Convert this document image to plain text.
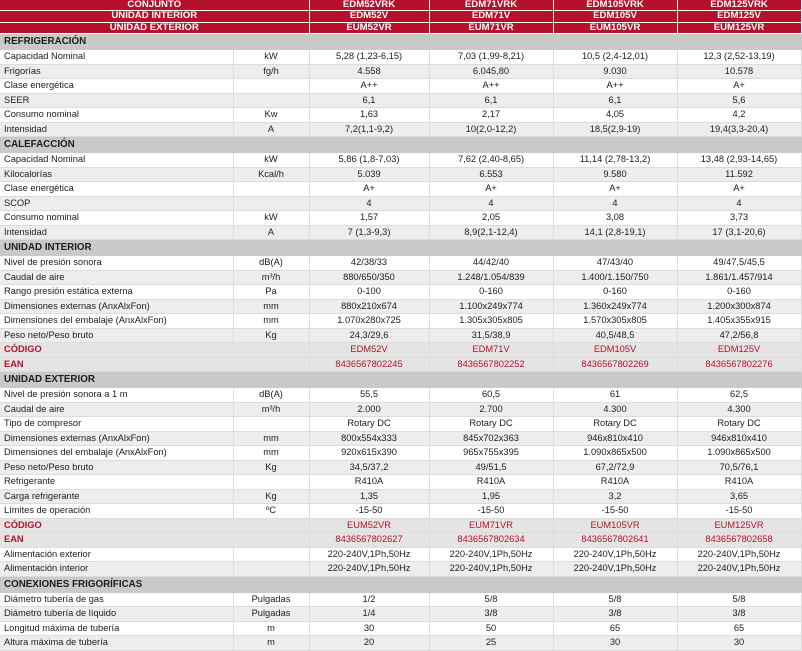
CONJUNTO		EDM52VRK	EDM71VRK	EDM105VRK	EDM125VRK
UNIDAD INTERIOR		EDM52V	EDM71V	EDM105V	EDM125V
UNIDAD EXTERIOR		EUM52VR	EUM71VR	EUM105VR	EUM125VR
REFRIGERACIÓN					
Capacidad Nominal	kW	5,28 (1,23-6,15)	7,03 (1,99-8,21)	10,5 (2,4-12,01)	12,3 (2,52-13,19)
Frigorías	fg/h	4.558	6.045,80	9.030	10.578
Clase energética		A++	A++	A++	A+
SEER		6,1	6,1	6,1	5,6
Consumo nominal	Kw	1,63	2,17	4,05	4,2
Intensidad	A	7,2(1,1-9,2)	10(2,0-12,2)	18,5(2,9-19)	19,4(3,3-20,4)
CALEFACCIÓN					
Capacidad Nominal	kW	5,86 (1,8-7,03)	7,62 (2,40-8,65)	11,14 (2,78-13,2)	13,48 (2,93-14,65)
Kilocalorías	Kcal/h	5.039	6.553	9.580	11.592
Clase energética		A+	A+	A+	A+
SCOP		4	4	4	4
Consumo nominal	kW	1,57	2,05	3,08	3,73
Intensidad	A	7 (1,3-9,3)	8,9(2,1-12,4)	14,1 (2,8-19,1)	17 (3,1-20,6)
UNIDAD INTERIOR					
Nivel de presión sonora	dB(A)	42/38/33	44/42/40	47/43/40	49/47,5/45,5
Caudal de aire	m³/h	880/650/350	1.248/1.054/839	1.400/1.150/750	1.861/1.457/914
Rango presión estática externa	Pa	0-100	0-160	0-160	0-160
Dimensiones externas (AnxAlxFon)	mm	880x210x674	1.100x249x774	1.360x249x774	1.200x300x874
Dimensiones del embalaje (AnxAlxFon)	mm	1.070x280x725	1.305x305x805	1.570x305x805	1.405x355x915
Peso neto/Peso bruto	Kg	24,3/29,6	31,5/38,9	40,5/48,5	47,2/56,8
CÓDIGO		EDM52V	EDM71V	EDM105V	EDM125V
EAN		8436567802245	8436567802252	8436567802269	8436567802276
UNIDAD EXTERIOR					
Nivel de presión sonora a 1 m	dB(A)	55,5	60,5	61	62,5
Caudal de aire	m³/h	2.000	2.700	4.300	4.300
Tipo de compresor		Rotary DC	Rotary DC	Rotary DC	Rotary DC
Dimensiones externas (AnxAlxFon)	mm	800x554x333	845x702x363	946x810x410	946x810x410
Dimensiones del embalaje (AnxAlxFon)	mm	920x615x390	965x755x395	1.090x865x500	1.090x865x500
Peso neto/Peso bruto	Kg	34,5/37,2	49/51,5	67,2/72,9	70,5/76,1
Refrigerante		R410A	R410A	R410A	R410A
Carga refrigerante	Kg	1,35	1,95	3,2	3,65
Límites de operación	ºC	-15-50	-15-50	-15-50	-15-50
CÓDIGO		EUM52VR	EUM71VR	EUM105VR	EUM125VR
EAN		8436567802627	8436567802634	8436567802641	8436567802658
Alimentación exterior		220-240V,1Ph,50Hz	220-240V,1Ph,50Hz	220-240V,1Ph,50Hz	220-240V,1Ph,50Hz
Alimentación interior		220-240V,1Ph,50Hz	220-240V,1Ph,50Hz	220-240V,1Ph,50Hz	220-240V,1Ph,50Hz
CONEXIONES FRIGORÍFICAS					
Diámetro tubería de gas	Pulgadas	1/2	5/8	5/8	5/8
Diámetro tubería de líquido	Pulgadas	1/4	3/8	3/8	3/8
Longitud máxima de tubería	m	30	50	65	65
Altura máxima de tubería	m	20	25	30	30
